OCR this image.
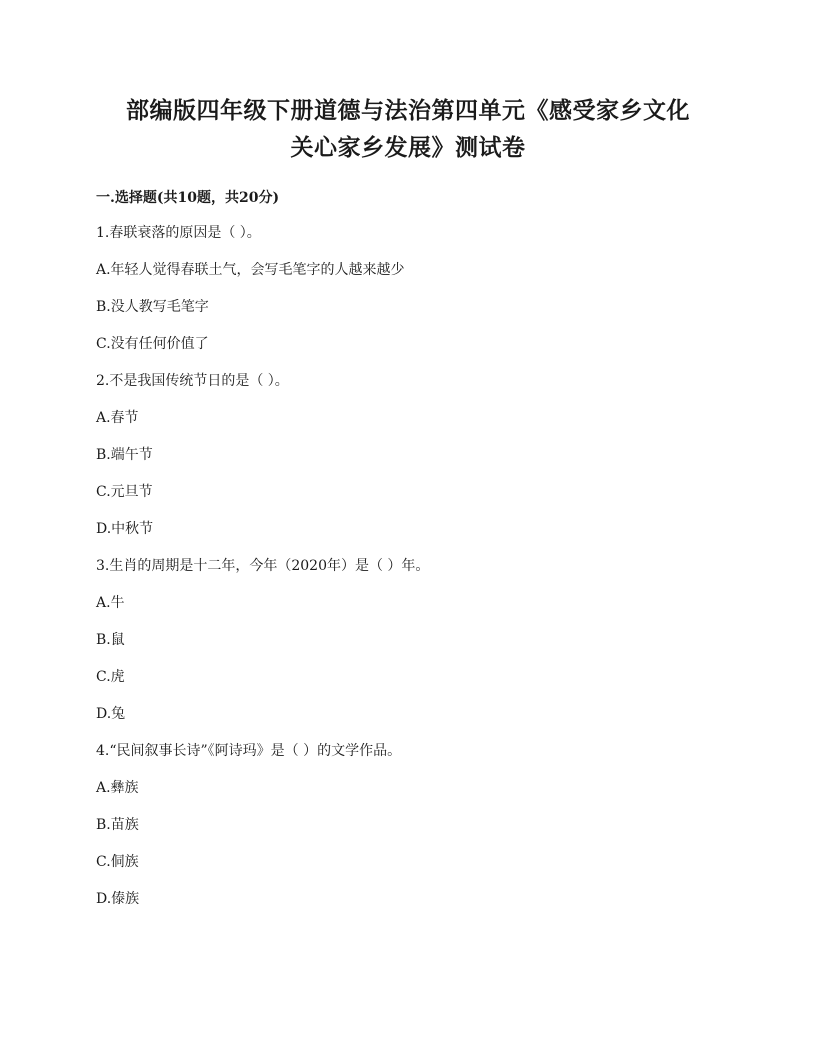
部编版四年级下册道德与法治第四单元《感受家乡文化
关心家乡发展》测试卷
一.选择题(共10题，共20分)
1.春联衰落的原因是（ ）。
A.年轻人觉得春联土气，会写毛笔字的人越来越少
B.没人教写毛笔字
C.没有任何价值了
2.不是我国传统节日的是（ ）。
A.春节
B.端午节
C.元旦节
D.中秋节
3.生肖的周期是十二年，今年（2020年）是（ ）年。
A.牛
B.鼠
C.虎
D.兔
4.“民间叙事长诗”《阿诗玛》是（ ）的文学作品。
A.彝族
B.苗族
C.侗族
D.傣族
